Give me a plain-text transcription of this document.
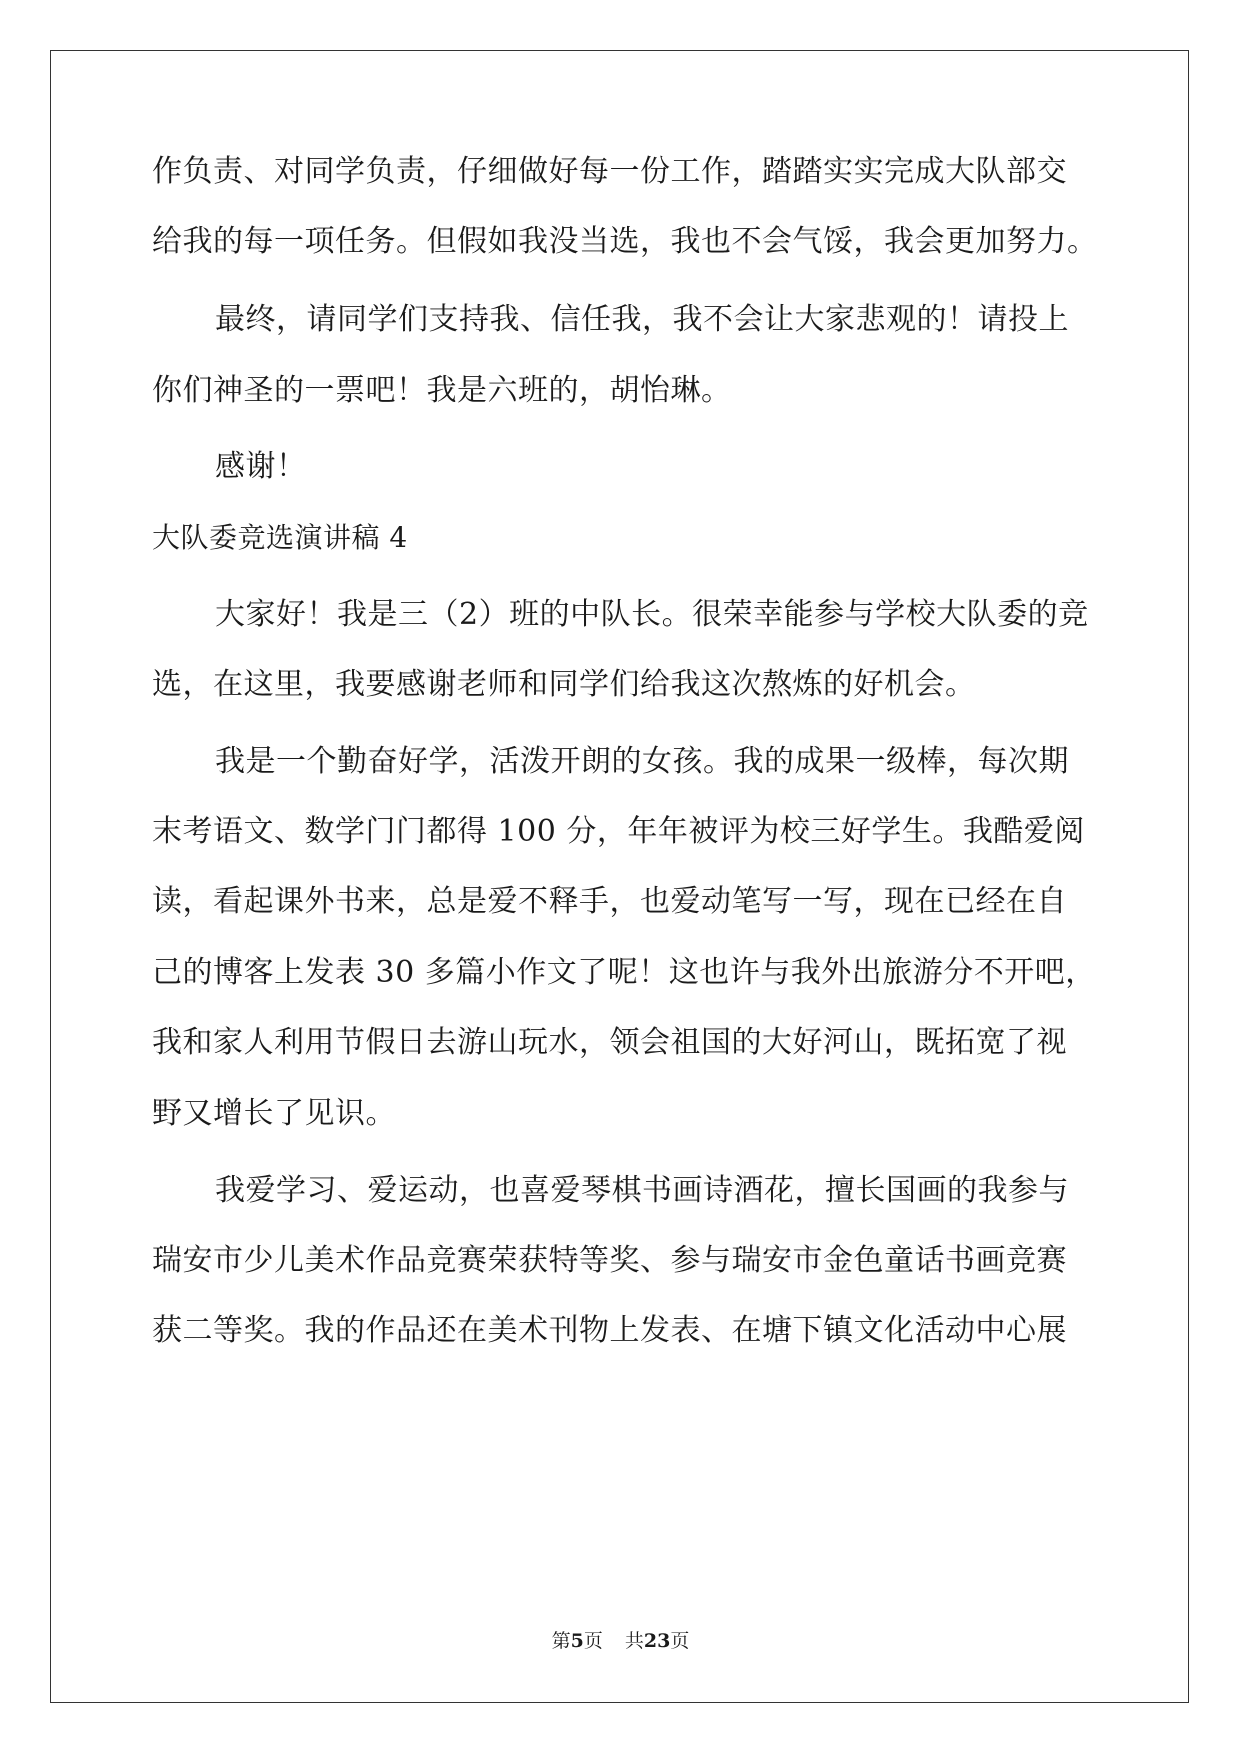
作负责、对同学负责，仔细做好每一份工作，踏踏实实完成大队部交
给我的每一项任务。但假如我没当选，我也不会气馁，我会更加努力。
最终，请同学们支持我、信任我，我不会让大家悲观的！请投上
你们神圣的一票吧！我是六班的，胡怡琳。
感谢！
大队委竞选演讲稿 4
大家好！我是三（2）班的中队长。很荣幸能参与学校大队委的竞
选，在这里，我要感谢老师和同学们给我这次熬炼的好机会。
我是一个勤奋好学，活泼开朗的女孩。我的成果一级棒，每次期
末考语文、数学门门都得 100 分，年年被评为校三好学生。我酷爱阅
读，看起课外书来，总是爱不释手，也爱动笔写一写，现在已经在自
己的博客上发表 30 多篇小作文了呢！这也许与我外出旅游分不开吧，
我和家人利用节假日去游山玩水，领会祖国的大好河山，既拓宽了视
野又增长了见识。
我爱学习、爱运动，也喜爱琴棋书画诗酒花，擅长国画的我参与
瑞安市少儿美术作品竞赛荣获特等奖、参与瑞安市金色童话书画竞赛
获二等奖。我的作品还在美术刊物上发表、在塘下镇文化活动中心展
第5页 共23页
